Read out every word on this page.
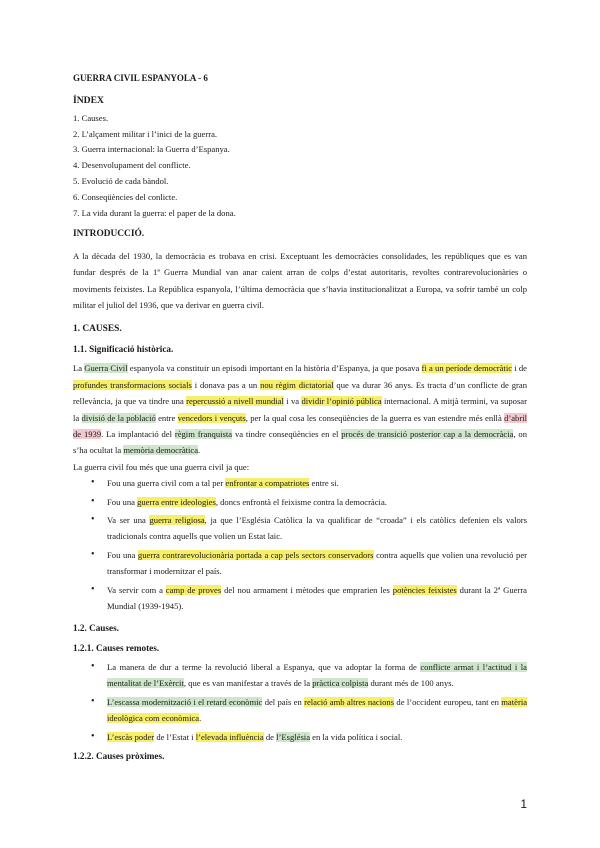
GUERRA CIVIL ESPANYOLA - 6
ÍNDEX
1. Causes.
2. L’alçament militar i l’inici de la guerra.
3. Guerra internacional: la Guerra d’Espanya.
4. Desenvolupament del conflicte.
5. Evolució de cada bàndol.
6. Conseqüències del conlicte.
7. La vida durant la guerra: el paper de la dona.
INTRODUCCIÓ.

A la dècada del 1930, la democràcia es trobava en crisi. Exceptuant les democràcies consolidades, les repúbliques que es van fundar després de la 1ª Guerra Mundial van anar caient arran de colps d’estat autoritaris, revoltes contrarevolucionàries o moviments feixistes. La República espanyola, l’última democràcia que s’havia institucionalitzat a Europa, va sofrir també un colp militar el juliol del 1936, que va derivar en guerra civil.

1. CAUSES.
1.1. Significació històrica.

La Guerra Civil espanyola va constituir un episodi important en la història d’Espanya, ja que posava fi a un període democràtic i de profundes transformacions socials i donava pas a un nou règim dictatorial que va durar 36 anys. Es tracta d’un conflicte de gran rellevància, ja que va tindre una repercussió a nivell mundial i va dividir l’opinió pública internacional. A mitjà termini, va suposar la divisió de la població entre vencedors i vençuts, per la qual cosa les conseqüències de la guerra es van estendre més enllà d’abril de 1939. La implantació del règim franquista va tindre conseqüències en el procés de transició posterior cap a la democràcia, on s’ha ocultat la memòria democràtica.

La guerra civil fou més que una guerra civil ja que:

• Fou una guerra civil com a tal per enfrontar a compatriotes entre si.
• Fou una guerra entre ideologies, doncs enfrontà el feixisme contra la democràcia.
• Va ser una guerra religiosa, ja que l’Església Catòlica la va qualificar de “croada” i els catòlics defenien els valors tradicionals contra aquells que volien un Estat laic.
• Fou una guerra contrarevolucionària portada a cap pels sectors conservadors contra aquells que volien una revolució per transformar i modernitzar el país.
• Va servir com a camp de proves del nou armament i mètodes que emprarien les potències feixistes durant la 2ª Guerra Mundial (1939-1945).
1.2. Causes.
1.2.1. Causes remotes.
• La manera de dur a terme la revolució liberal a Espanya, que va adoptar la forma de conflicte armat i l’actitud i la mentalitat de l’Exèrcit, que es van manifestar a través de la pràctica colpista durant més de 100 anys.
• L’escassa modernització i el retard econòmic del país en relació amb altres nacions de l’occident europeu, tant en matèria ideològica com econòmica.
• L’escàs poder de l’Estat i l’elevada influència de l’Església en la vida política i social.
1.2.2. Causes pròximes.
1
